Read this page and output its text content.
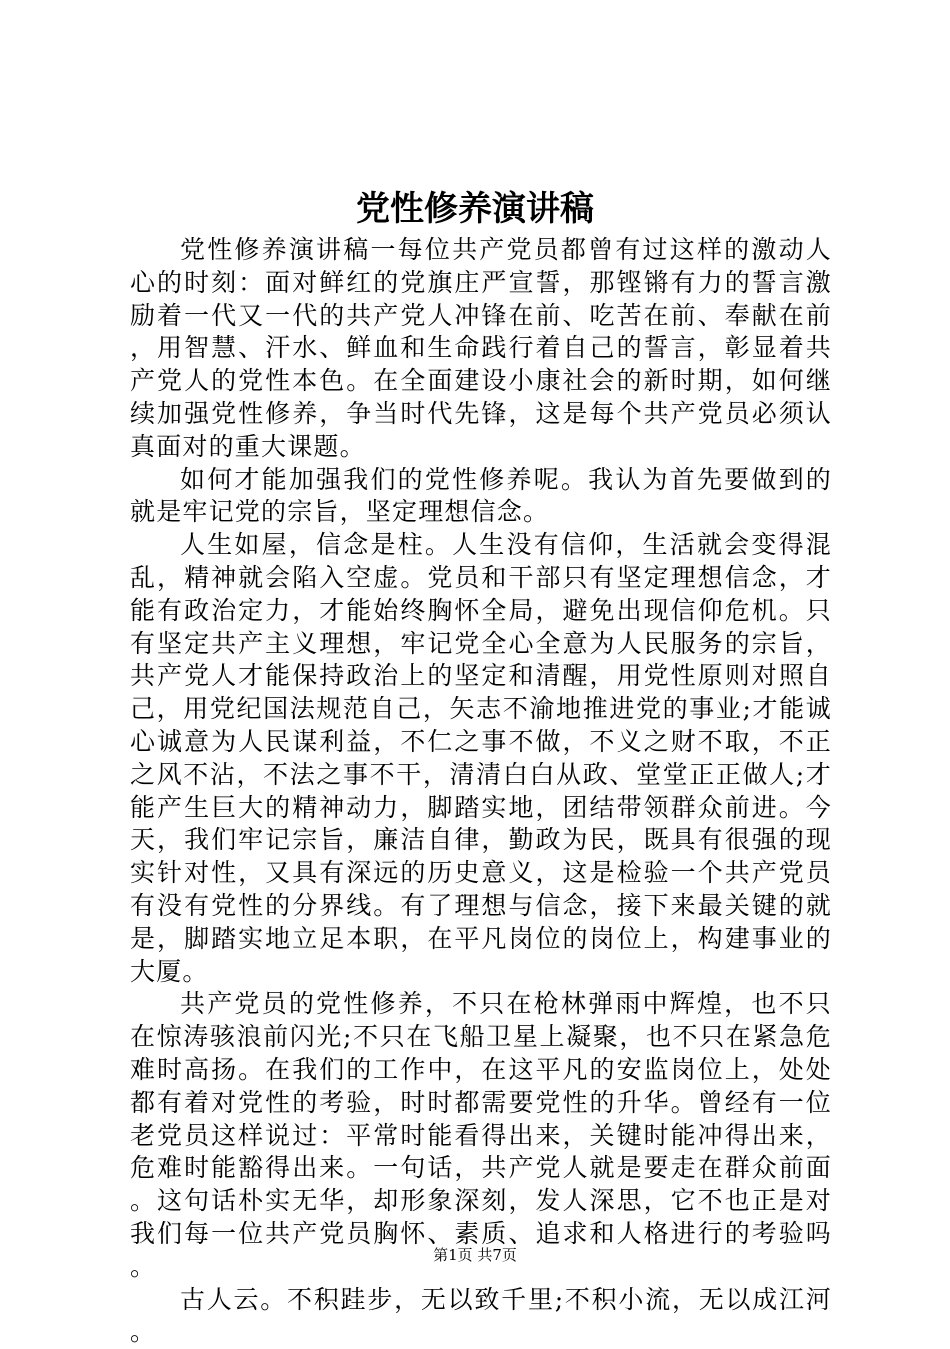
党性修养演讲稿

党性修养演讲稿一每位共产党员都曾有过这样的激动人心的时刻：面对鲜红的党旗庄严宣誓，那铿锵有力的誓言激励着一代又一代的共产党人冲锋在前、吃苦在前、奉献在前，用智慧、汗水、鲜血和生命践行着自己的誓言，彰显着共产党人的党性本色。在全面建设小康社会的新时期，如何继续加强党性修养，争当时代先锋，这是每个共产党员必须认真面对的重大课题。

如何才能加强我们的党性修养呢。我认为首先要做到的就是牢记党的宗旨，坚定理想信念。

人生如屋，信念是柱。人生没有信仰，生活就会变得混乱，精神就会陷入空虚。党员和干部只有坚定理想信念，才能有政治定力，才能始终胸怀全局，避免出现信仰危机。只有坚定共产主义理想，牢记党全心全意为人民服务的宗旨，共产党人才能保持政治上的坚定和清醒，用党性原则对照自己，用党纪国法规范自己，矢志不渝地推进党的事业;才能诚心诚意为人民谋利益，不仁之事不做，不义之财不取，不正之风不沾，不法之事不干，清清白白从政、堂堂正正做人;才能产生巨大的精神动力，脚踏实地，团结带领群众前进。今天，我们牢记宗旨，廉洁自律，勤政为民，既具有很强的现实针对性，又具有深远的历史意义，这是检验一个共产党员有没有党性的分界线。有了理想与信念，接下来最关键的就是，脚踏实地立足本职，在平凡岗位的岗位上，构建事业的大厦。

共产党员的党性修养，不只在枪林弹雨中辉煌，也不只在惊涛骇浪前闪光;不只在飞船卫星上凝聚，也不只在紧急危难时高扬。在我们的工作中，在这平凡的安监岗位上，处处都有着对党性的考验，时时都需要党性的升华。曾经有一位老党员这样说过：平常时能看得出来，关键时能冲得出来，危难时能豁得出来。一句话，共产党人就是要走在群众前面。这句话朴实无华，却形象深刻，发人深思，它不也正是对我们每一位共产党员胸怀、素质、追求和人格进行的考验吗。

古人云。不积跬步，无以致千里;不积小流，无以成江河。

第1页 共7页
